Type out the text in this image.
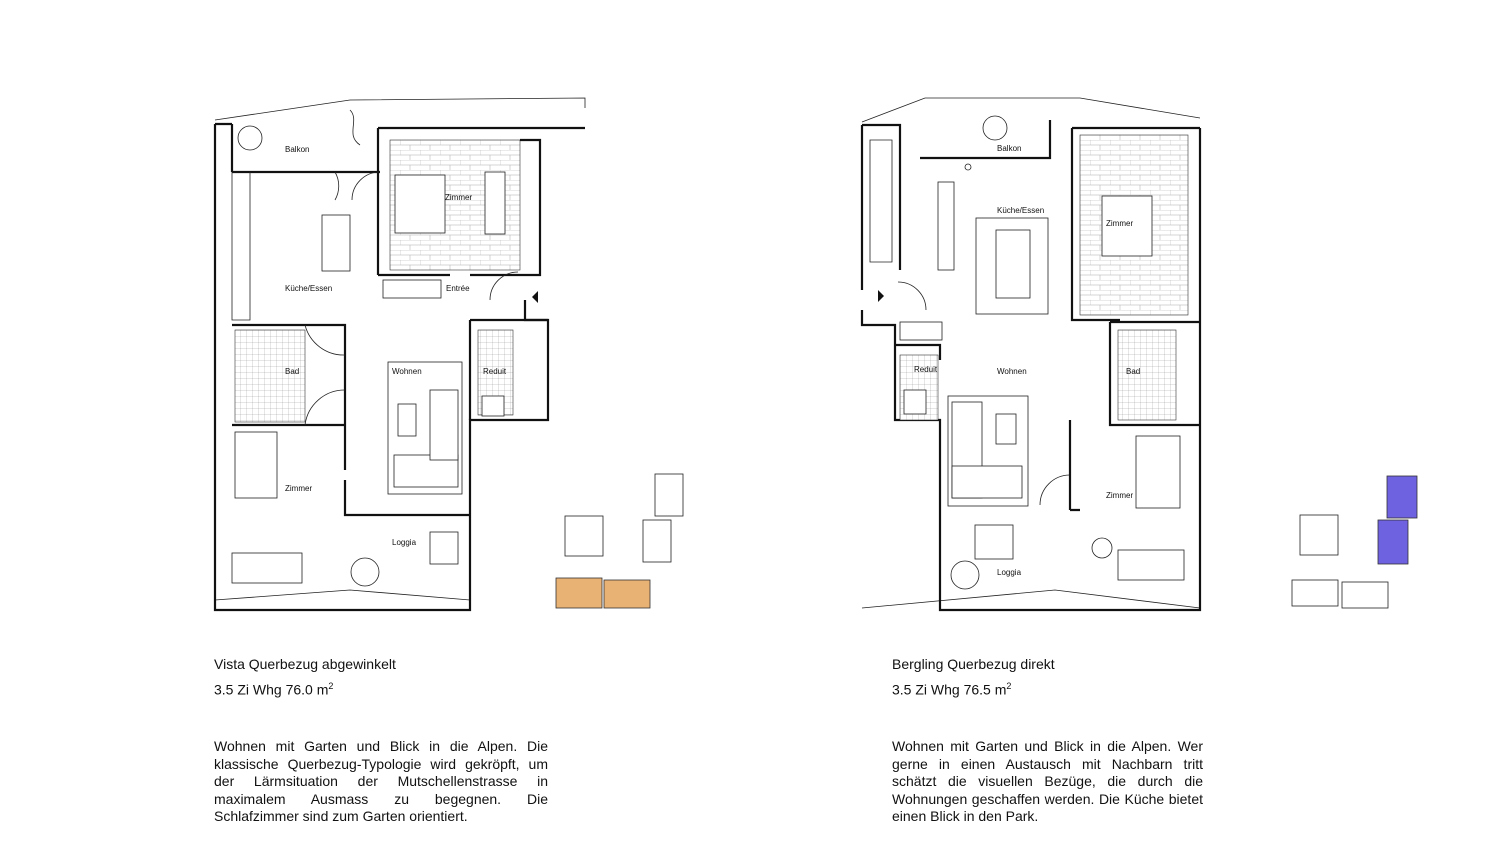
Balkon
Zimmer
Küche/Essen	Entrée
Bad	Wohnen	Reduit
Zimmer
Loggia
Vista Querbezug abgewinkelt
3.5 Zi Whg 76.0 $m^2$
Wohnen mit Garten und Blick in die Alpen. Die klassische Querbezug-Typologie wird gekröpft, um der Lärmsituation der Mutschellenstrasse in maximalem Ausmass zu begegnen. Die Schlafzimmer sind zum Garten orientiert.
Balkon
Küche/Essen
Zimmer
Reduit	Wohnen	Bad
Zimmer
Loggia
Bergling Querbezug direkt
3.5 Zi Whg 76.5 $m^2$
Wohnen mit Garten und Blick in die Alpen. Wer gerne in einen Austausch mit Nachbarn tritt schätzt die visuellen Bezüge, die durch die Wohnungen geschaffen werden. Die Küche bietet einen Blick in den Park.
